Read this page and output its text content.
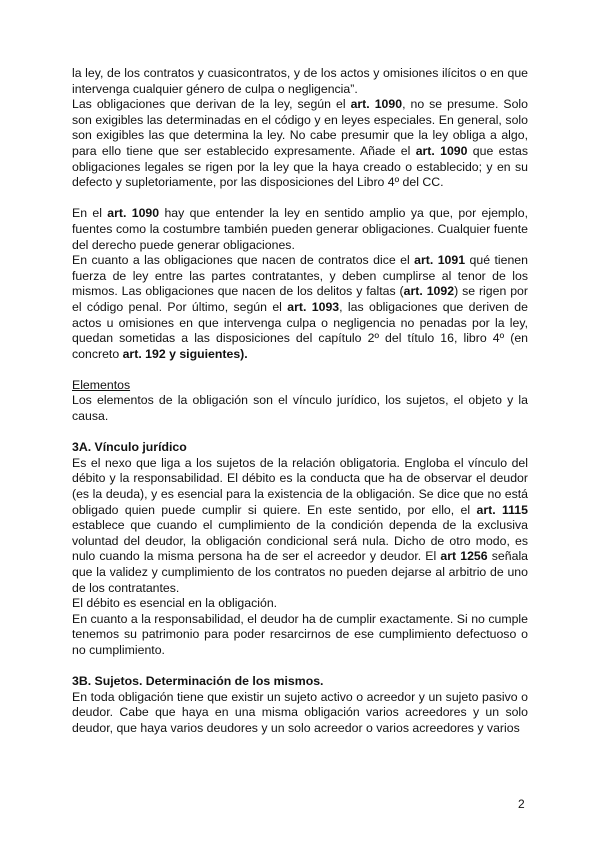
la ley, de los contratos y cuasicontratos, y de los actos y omisiones ilícitos o en que intervenga cualquier género de culpa o negligencia”.

Las obligaciones que derivan de la ley, según el art. 1090, no se presume. Solo son exigibles las determinadas en el código y en leyes especiales. En general, solo son exigibles las que determina la ley. No cabe presumir que la ley obliga a algo, para ello tiene que ser establecido expresamente. Añade el art. 1090 que estas obligaciones legales se rigen por la ley que la haya creado o establecido; y en su defecto y supletoriamente, por las disposiciones del Libro 4º del CC.

En el art. 1090 hay que entender la ley en sentido amplio ya que, por ejemplo, fuentes como la costumbre también pueden generar obligaciones. Cualquier fuente del derecho puede generar obligaciones.

En cuanto a las obligaciones que nacen de contratos dice el art. 1091 qué tienen fuerza de ley entre las partes contratantes, y deben cumplirse al tenor de los mismos. Las obligaciones que nacen de los delitos y faltas (art. 1092) se rigen por el código penal. Por último, según el art. 1093, las obligaciones que deriven de actos u omisiones en que intervenga culpa o negligencia no penadas por la ley, quedan sometidas a las disposiciones del capítulo 2º del título 16, libro 4º (en concreto art. 192 y siguientes).

Elementos

Los elementos de la obligación son el vínculo jurídico, los sujetos, el objeto y la causa.

3A. Vínculo jurídico

Es el nexo que liga a los sujetos de la relación obligatoria. Engloba el vínculo del débito y la responsabilidad. El débito es la conducta que ha de observar el deudor (es la deuda), y es esencial para la existencia de la obligación. Se dice que no está obligado quien puede cumplir si quiere. En este sentido, por ello, el art. 1115 establece que cuando el cumplimiento de la condición dependa de la exclusiva voluntad del deudor, la obligación condicional será nula. Dicho de otro modo, es nulo cuando la misma persona ha de ser el acreedor y deudor. El art 1256 señala que la validez y cumplimiento de los contratos no pueden dejarse al arbitrio de uno de los contratantes.

El débito es esencial en la obligación.

En cuanto a la responsabilidad, el deudor ha de cumplir exactamente. Si no cumple tenemos su patrimonio para poder resarcirnos de ese cumplimiento defectuoso o no cumplimiento.

3B. Sujetos. Determinación de los mismos.

En toda obligación tiene que existir un sujeto activo o acreedor y un sujeto pasivo o deudor. Cabe que haya en una misma obligación varios acreedores y un solo deudor, que haya varios deudores y un solo acreedor o varios acreedores y varios

2
